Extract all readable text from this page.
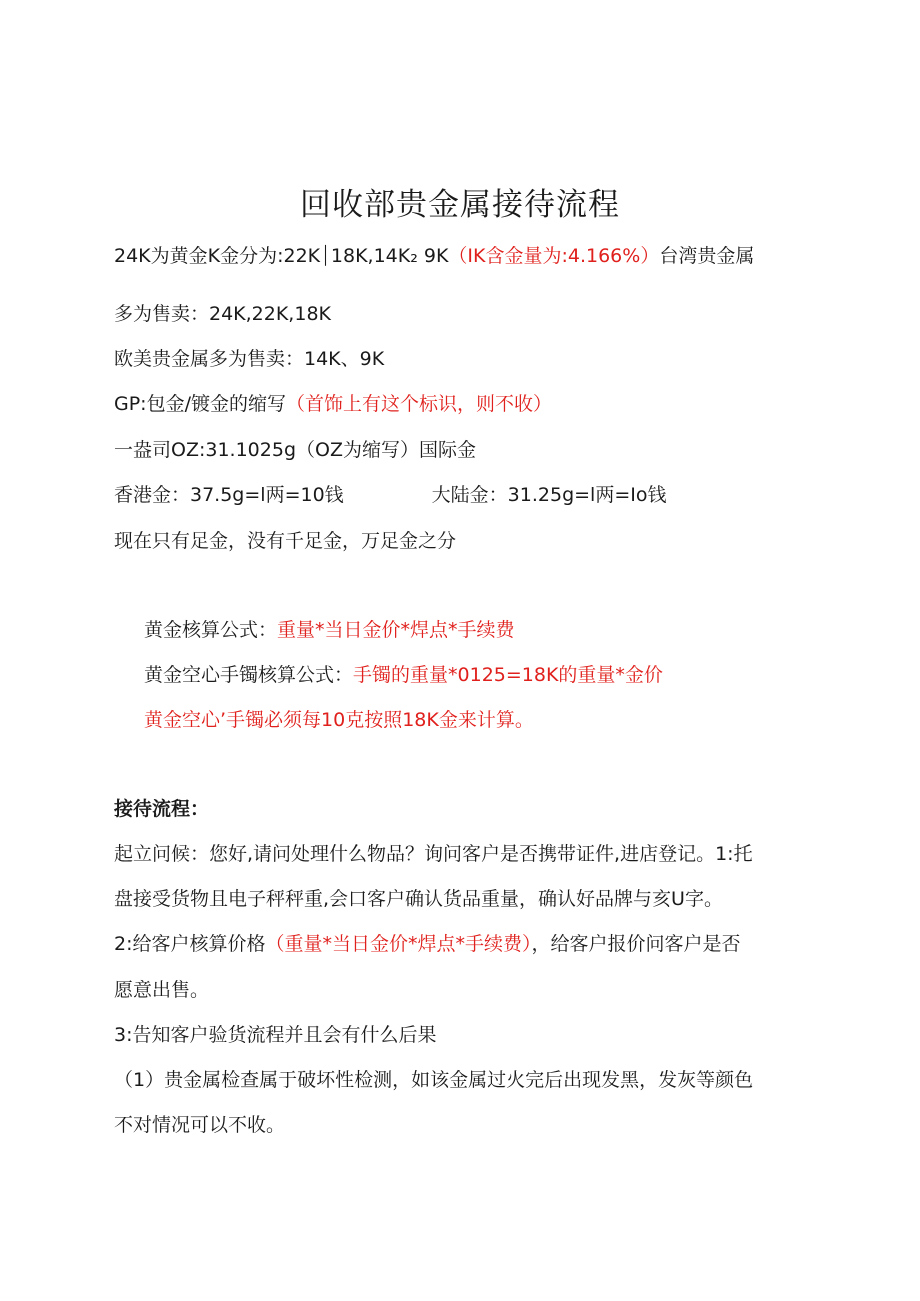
回收部贵金属接待流程
24K为黄金K金分为:22K⏐18K,14K₂ 9K（IK含金量为:4.166%）台湾贵金属
多为售卖：24K,22K,18K
欧美贵金属多为售卖：14K、9K
GP:包金/镀金的缩写（首饰上有这个标识，则不收）
一盎司OZ:31.1025g（OZ为缩写）国际金
香港金：37.5g=l两=10钱	大陆金：31.25g=l两=Io钱
现在只有足金，没有千足金，万足金之分
黄金核算公式：重量*当日金价*焊点*手续费
黄金空心手镯核算公式：手镯的重量*0125=18K的重量*金价
黄金空心’手镯必须每10克按照18K金来计算。
接待流程：
起立问候：您好,请问处理什么物品？询问客户是否携带证件,进店登记。1:托
盘接受货物且电子秤秤重,会口客户确认货品重量，确认好品牌与亥U字。
2:给客户核算价格（重量*当日金价*焊点*手续费），给客户报价问客户是否
愿意出售。
3:告知客户验货流程并且会有什么后果
（1）贵金属检查属于破坏性检测，如该金属过火完后出现发黑，发灰等颜色
不对情况可以不收。
